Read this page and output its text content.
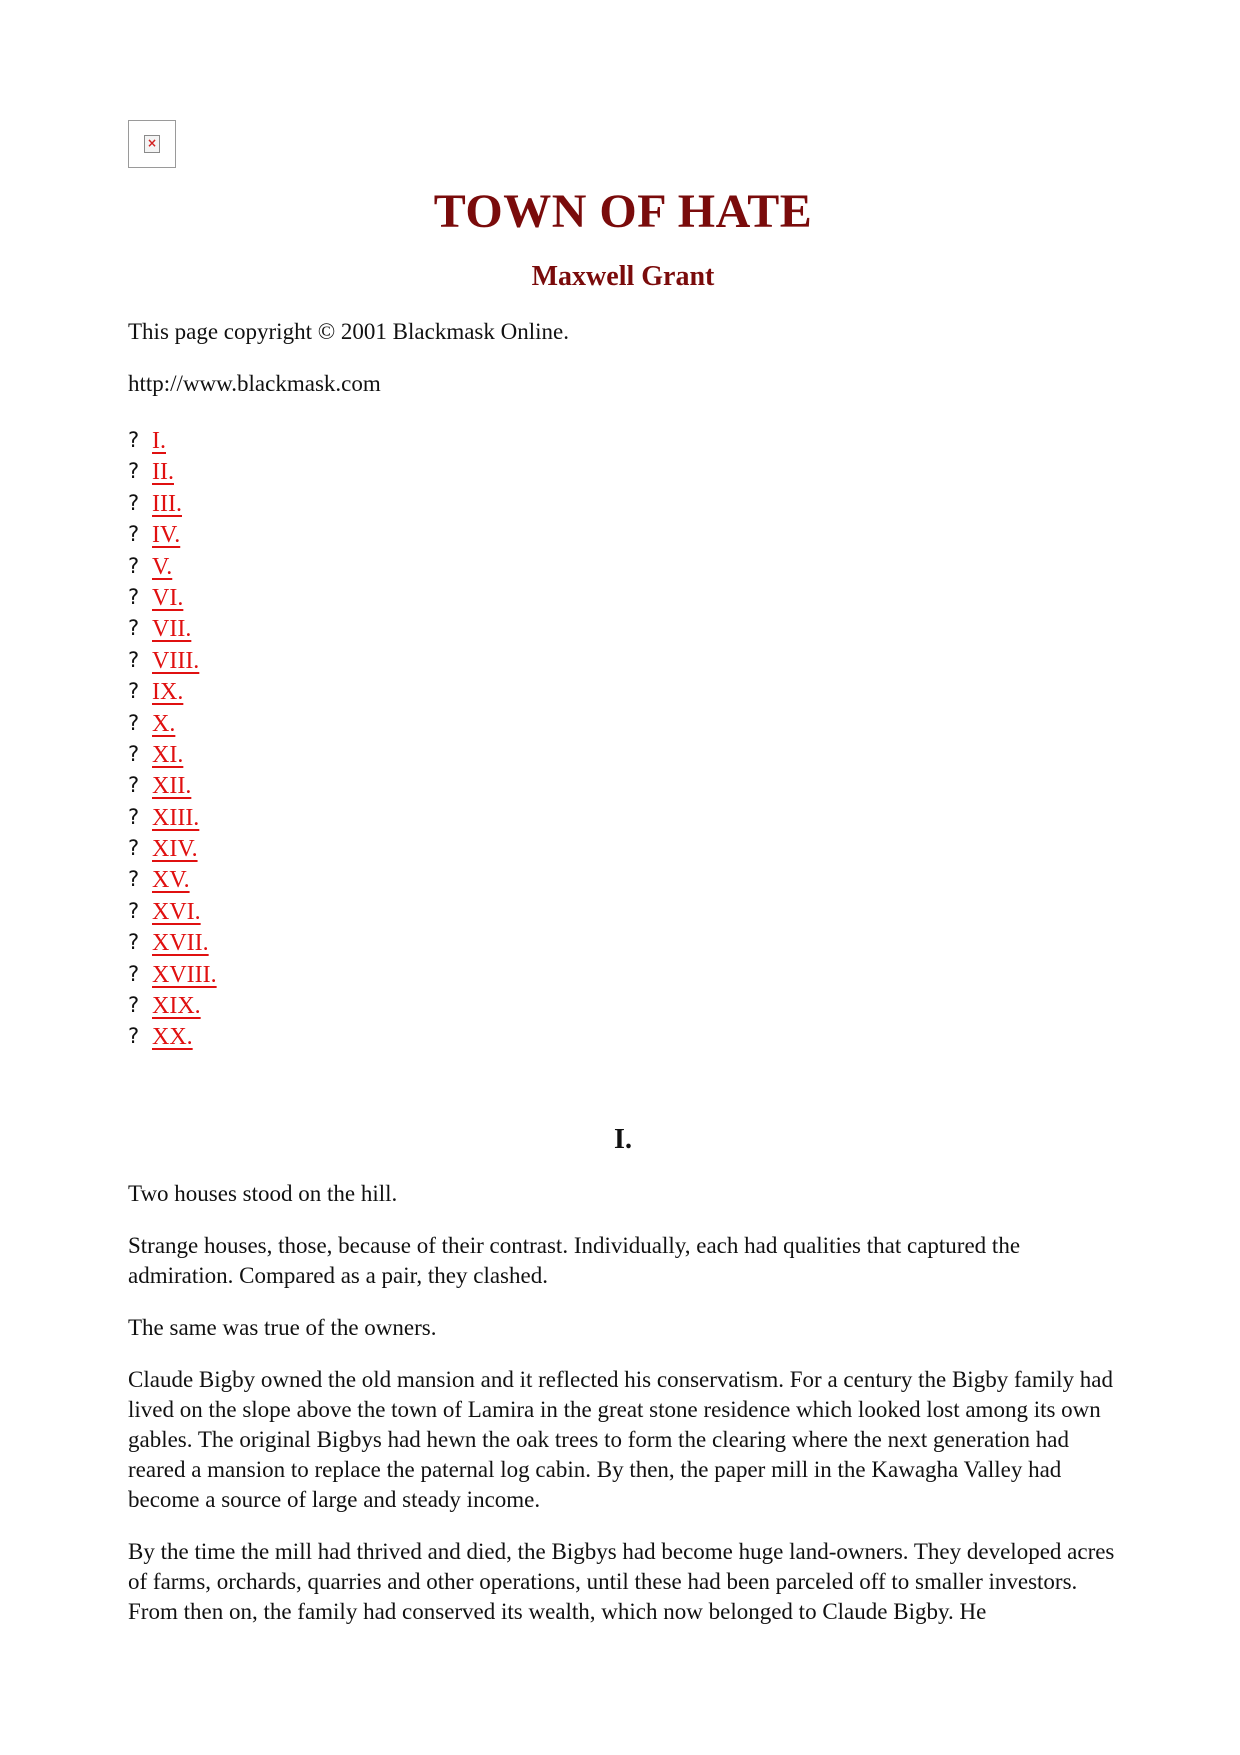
×
TOWN OF HATE
Maxwell Grant

This page copyright © 2001 Blackmask Online.

http://www.blackmask.com

? I.
? II.
? III.
? IV.
? V.
? VI.
? VII.
? VIII.
? IX.
? X.
? XI.
? XII.
? XIII.
? XIV.
? XV.
? XVI.
? XVII.
? XVIII.
? XIX.
? XX.
I.

Two houses stood on the hill.

Strange houses, those, because of their contrast. Individually, each had qualities that captured the admiration. Compared as a pair, they clashed.

The same was true of the owners.

Claude Bigby owned the old mansion and it reflected his conservatism. For a century the Bigby family had lived on the slope above the town of Lamira in the great stone residence which looked lost among its own gables. The original Bigbys had hewn the oak trees to form the clearing where the next generation had reared a mansion to replace the paternal log cabin. By then, the paper mill in the Kawagha Valley had become a source of large and steady income.

By the time the mill had thrived and died, the Bigbys had become huge land-owners. They developed acres of farms, orchards, quarries and other operations, until these had been parceled off to smaller investors. From then on, the family had conserved its wealth, which now belonged to Claude Bigby. He
